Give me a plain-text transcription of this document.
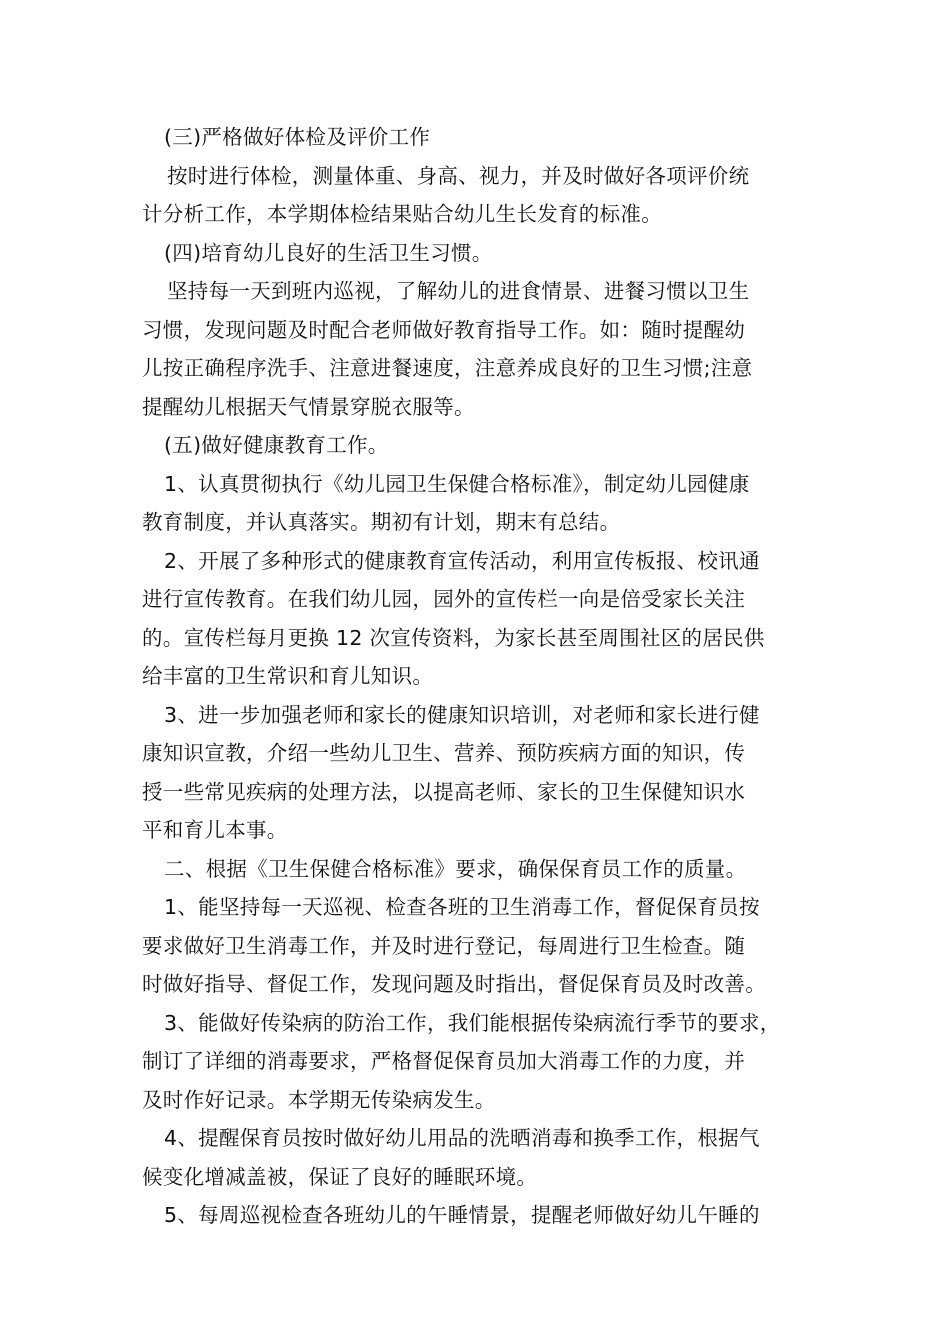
(三)严格做好体检及评价工作
按时进行体检，测量体重、身高、视力，并及时做好各项评价统
计分析工作，本学期体检结果贴合幼儿生长发育的标准。
(四)培育幼儿良好的生活卫生习惯。
坚持每一天到班内巡视，了解幼儿的进食情景、进餐习惯以卫生
习惯，发现问题及时配合老师做好教育指导工作。如：随时提醒幼
儿按正确程序洗手、注意进餐速度，注意养成良好的卫生习惯;注意
提醒幼儿根据天气情景穿脱衣服等。
(五)做好健康教育工作。
1、认真贯彻执行《幼儿园卫生保健合格标准》，制定幼儿园健康
教育制度，并认真落实。期初有计划，期末有总结。
2、开展了多种形式的健康教育宣传活动，利用宣传板报、校讯通
进行宣传教育。在我们幼儿园，园外的宣传栏一向是倍受家长关注
的。宣传栏每月更换 12 次宣传资料，为家长甚至周围社区的居民供
给丰富的卫生常识和育儿知识。
3、进一步加强老师和家长的健康知识培训，对老师和家长进行健
康知识宣教，介绍一些幼儿卫生、营养、预防疾病方面的知识，传
授一些常见疾病的处理方法，以提高老师、家长的卫生保健知识水
平和育儿本事。
二、根据《卫生保健合格标准》要求，确保保育员工作的质量。
1、能坚持每一天巡视、检查各班的卫生消毒工作，督促保育员按
要求做好卫生消毒工作，并及时进行登记，每周进行卫生检查。随
时做好指导、督促工作，发现问题及时指出，督促保育员及时改善。
3、能做好传染病的防治工作，我们能根据传染病流行季节的要求，
制订了详细的消毒要求，严格督促保育员加大消毒工作的力度，并
及时作好记录。本学期无传染病发生。
4、提醒保育员按时做好幼儿用品的洗晒消毒和换季工作，根据气
候变化增减盖被，保证了良好的睡眠环境。
5、每周巡视检查各班幼儿的午睡情景，提醒老师做好幼儿午睡的
